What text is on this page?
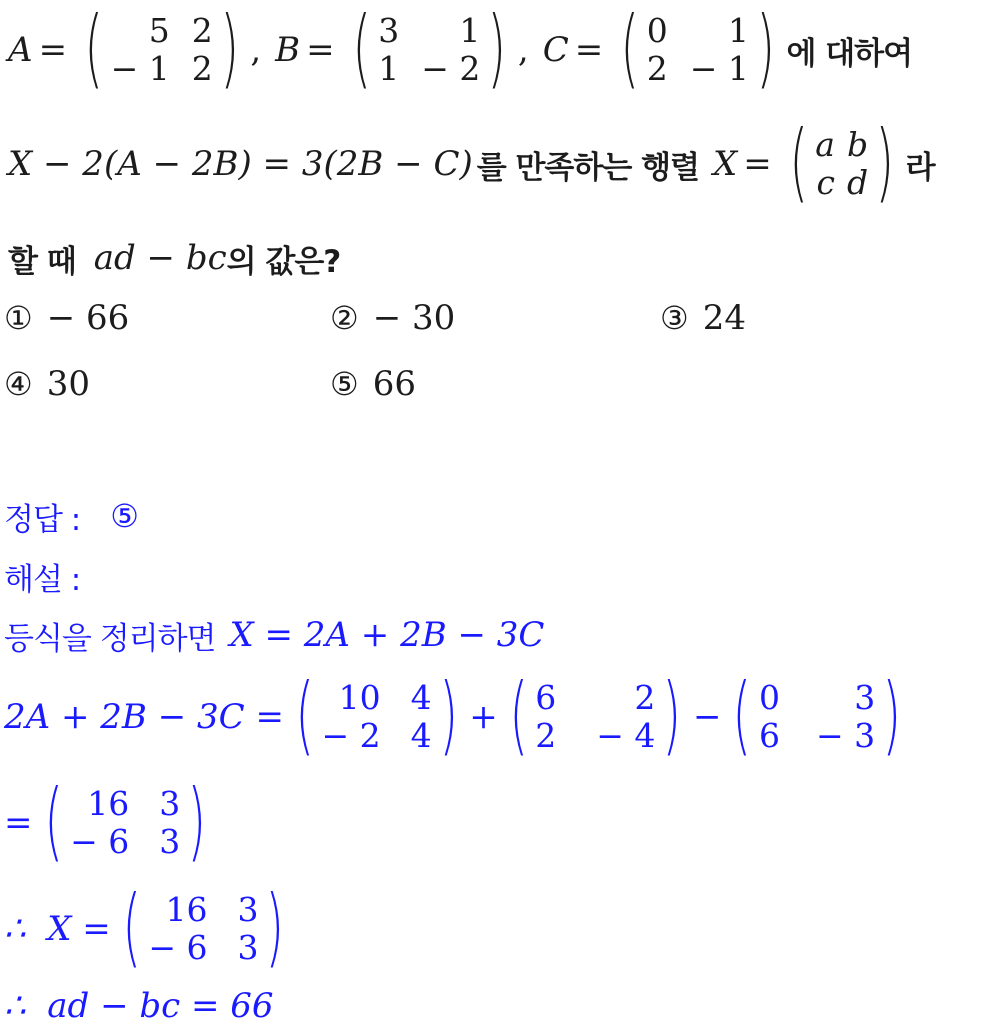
A = (	5 2
− 1 2 ) , B = ( 3	1
1 − 2 ) , C = ( 0	1
2 − 1 ) 에 대하여
X − 2(A − 2B) = 3(2B − C) 를 만족하는 행렬 X = ( a b
c d ) 라
할 때 ad − bc 의 값은?
① − 66	② − 30	③ 24
④ 30	⑤ 66
정답 : ⑤
해설 :
등식을 정리하면 X = 2A + 2B − 3C
2A + 2B − 3C = ( 10 4
− 2 4 ) + ( 6	2
2 − 4 ) − ( 0	3
6 − 3 )
= ( 16 3
− 6 3 )
∴  X = ( 16 3
− 6 3 )
∴  ad − bc = 66
